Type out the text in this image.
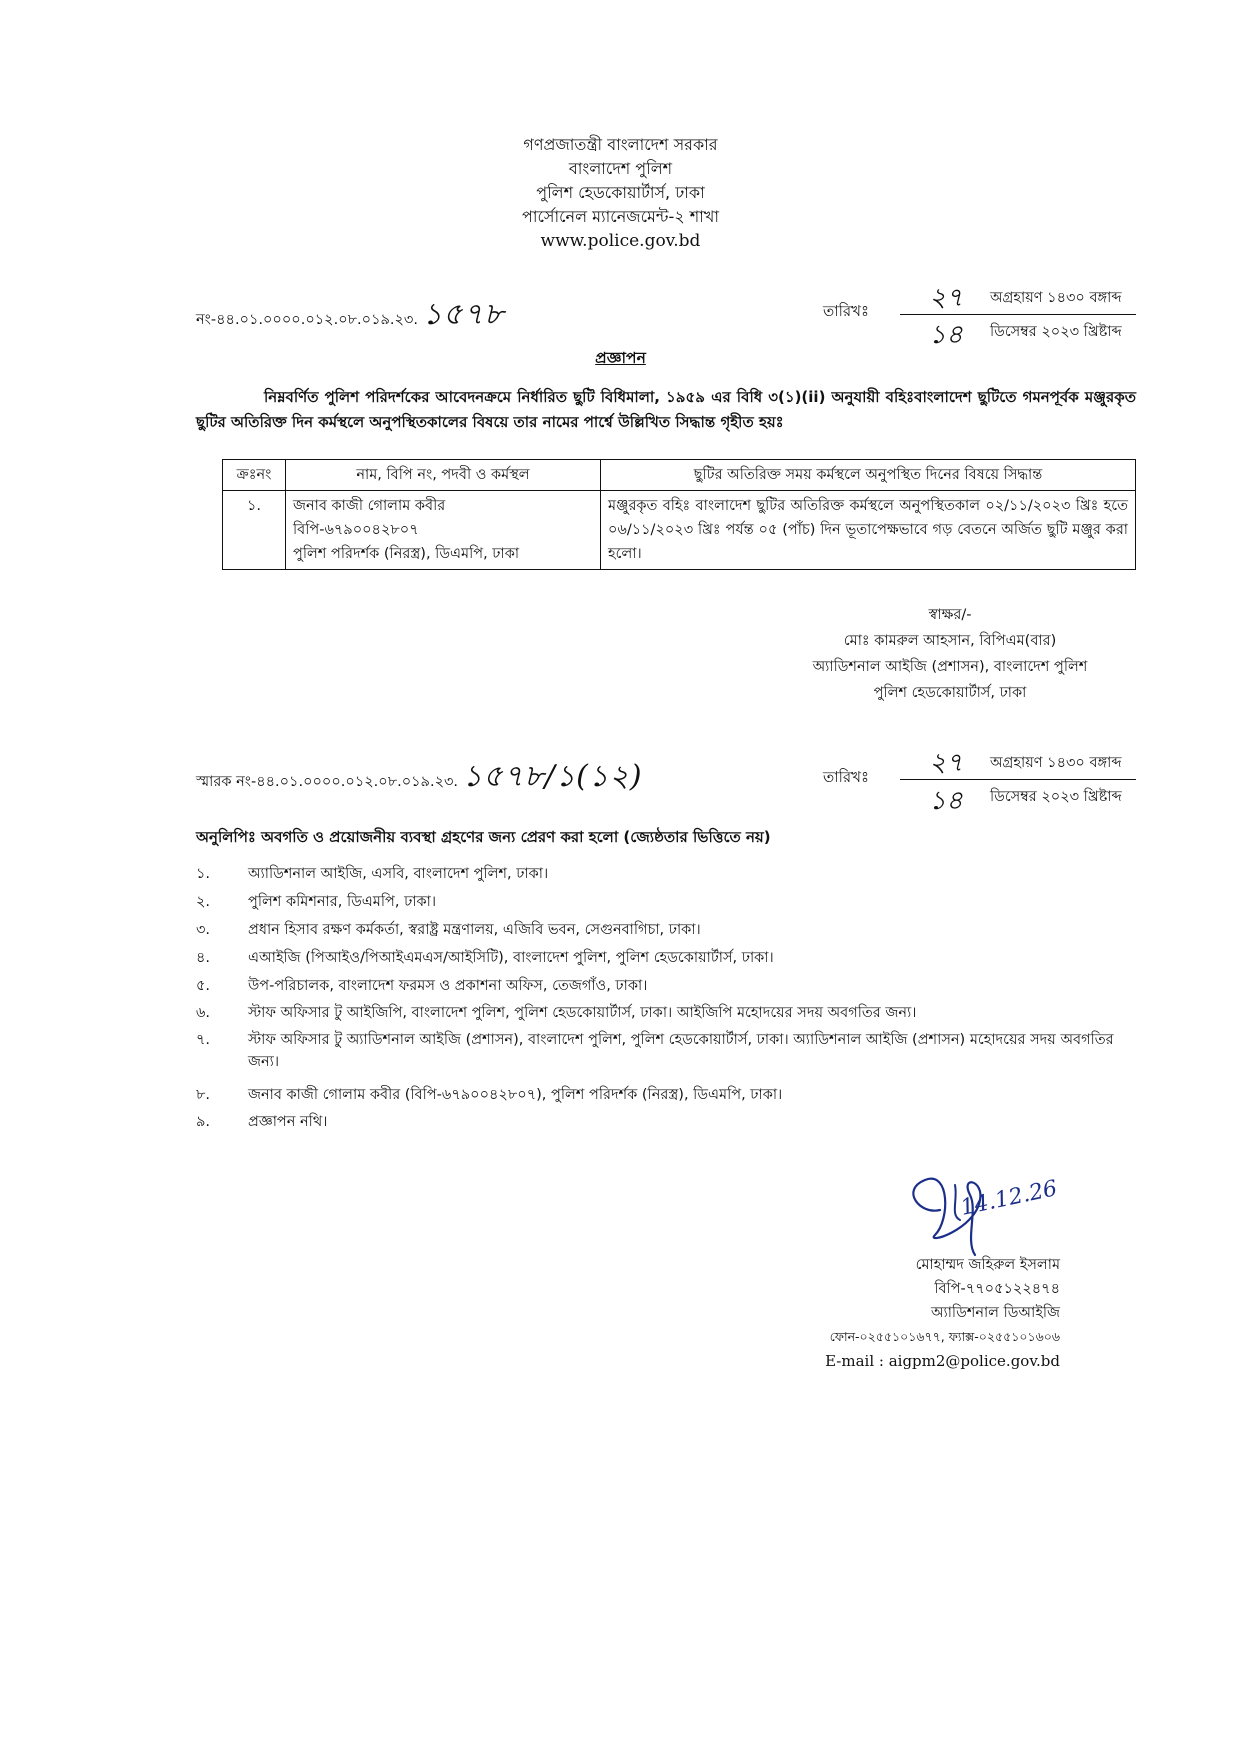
গণপ্রজাতন্ত্রী বাংলাদেশ সরকার
বাংলাদেশ পুলিশ
পুলিশ হেডকোয়ার্টার্স, ঢাকা
পার্সোনেল ম্যানেজমেন্ট-২ শাখা
www.police.gov.bd
নং-৪৪.০১.০০০০.০১২.০৮.০১৯.২৩. ১৫৭৮	তারিখঃ	২৭	অগ্রহায়ণ ১৪৩০ বঙ্গাব্দ
১৪	ডিসেম্বর ২০২৩ খ্রিষ্টাব্দ
প্রজ্ঞাপন
নিম্নবর্ণিত পুলিশ পরিদর্শকের আবেদনক্রমে নির্ধারিত ছুটি বিধিমালা, ১৯৫৯ এর বিধি ৩(১)(ii) অনুযায়ী বহিঃবাংলাদেশ ছুটিতে গমনপূর্বক মঞ্জুরকৃত ছুটির অতিরিক্ত দিন কর্মস্থলে অনুপস্থিতকালের বিষয়ে তার নামের পার্শ্বে উল্লিখিত সিদ্ধান্ত গৃহীত হয়ঃ
ক্রঃনং	নাম, বিপি নং, পদবী ও কর্মস্থল	ছুটির অতিরিক্ত সময় কর্মস্থলে অনুপস্থিত দিনের বিষয়ে সিদ্ধান্ত
১.	জনাব কাজী গোলাম কবীর
বিপি-৬৭৯০০৪২৮০৭
পুলিশ পরিদর্শক (নিরস্ত্র), ডিএমপি, ঢাকা	মঞ্জুরকৃত বহিঃ বাংলাদেশ ছুটির অতিরিক্ত কর্মস্থলে অনুপস্থিতকাল ০২/১১/২০২৩ খ্রিঃ হতে ০৬/১১/২০২৩ খ্রিঃ পর্যন্ত ০৫ (পাঁচ) দিন ভূতাপেক্ষভাবে গড় বেতনে অর্জিত ছুটি মঞ্জুর করা হলো।
স্বাক্ষর/-
মোঃ কামরুল আহসান, বিপিএম(বার)
অ্যাডিশনাল আইজি (প্রশাসন), বাংলাদেশ পুলিশ
পুলিশ হেডকোয়ার্টার্স, ঢাকা
স্মারক নং-৪৪.০১.০০০০.০১২.০৮.০১৯.২৩. ১৫৭৮/১(১২)	তারিখঃ	২৭	অগ্রহায়ণ ১৪৩০ বঙ্গাব্দ
১৪	ডিসেম্বর ২০২৩ খ্রিষ্টাব্দ
অনুলিপিঃ অবগতি ও প্রয়োজনীয় ব্যবস্থা গ্রহণের জন্য প্রেরণ করা হলো (জ্যেষ্ঠতার ভিত্তিতে নয়)
১.	অ্যাডিশনাল আইজি, এসবি, বাংলাদেশ পুলিশ, ঢাকা।
২.	পুলিশ কমিশনার, ডিএমপি, ঢাকা।
৩.	প্রধান হিসাব রক্ষণ কর্মকর্তা, স্বরাষ্ট্র মন্ত্রণালয়, এজিবি ভবন, সেগুনবাগিচা, ঢাকা।
৪.	এআইজি (পিআইও/পিআইএমএস/আইসিটি), বাংলাদেশ পুলিশ, পুলিশ হেডকোয়ার্টার্স, ঢাকা।
৫.	উপ-পরিচালক, বাংলাদেশ ফরমস ও প্রকাশনা অফিস, তেজগাঁও, ঢাকা।
৬.	স্টাফ অফিসার টু আইজিপি, বাংলাদেশ পুলিশ, পুলিশ হেডকোয়ার্টার্স, ঢাকা। আইজিপি মহোদয়ের সদয় অবগতির জন্য।
৭.	স্টাফ অফিসার টু অ্যাডিশনাল আইজি (প্রশাসন), বাংলাদেশ পুলিশ, পুলিশ হেডকোয়ার্টার্স, ঢাকা। অ্যাডিশনাল আইজি (প্রশাসন) মহোদয়ের সদয় অবগতির জন্য।
৮.	জনাব কাজী গোলাম কবীর (বিপি-৬৭৯০০৪২৮০৭), পুলিশ পরিদর্শক (নিরস্ত্র), ডিএমপি, ঢাকা।
৯.	প্রজ্ঞাপন নথি।
14.12.26
মোহাম্মদ জহিরুল ইসলাম
বিপি-৭৭০৫১২২৪৭৪
অ্যাডিশনাল ডিআইজি
ফোন-০২৫৫১০১৬৭৭, ফ্যাক্স-০২৫৫১০১৬০৬
E-mail : aigpm2@police.gov.bd
